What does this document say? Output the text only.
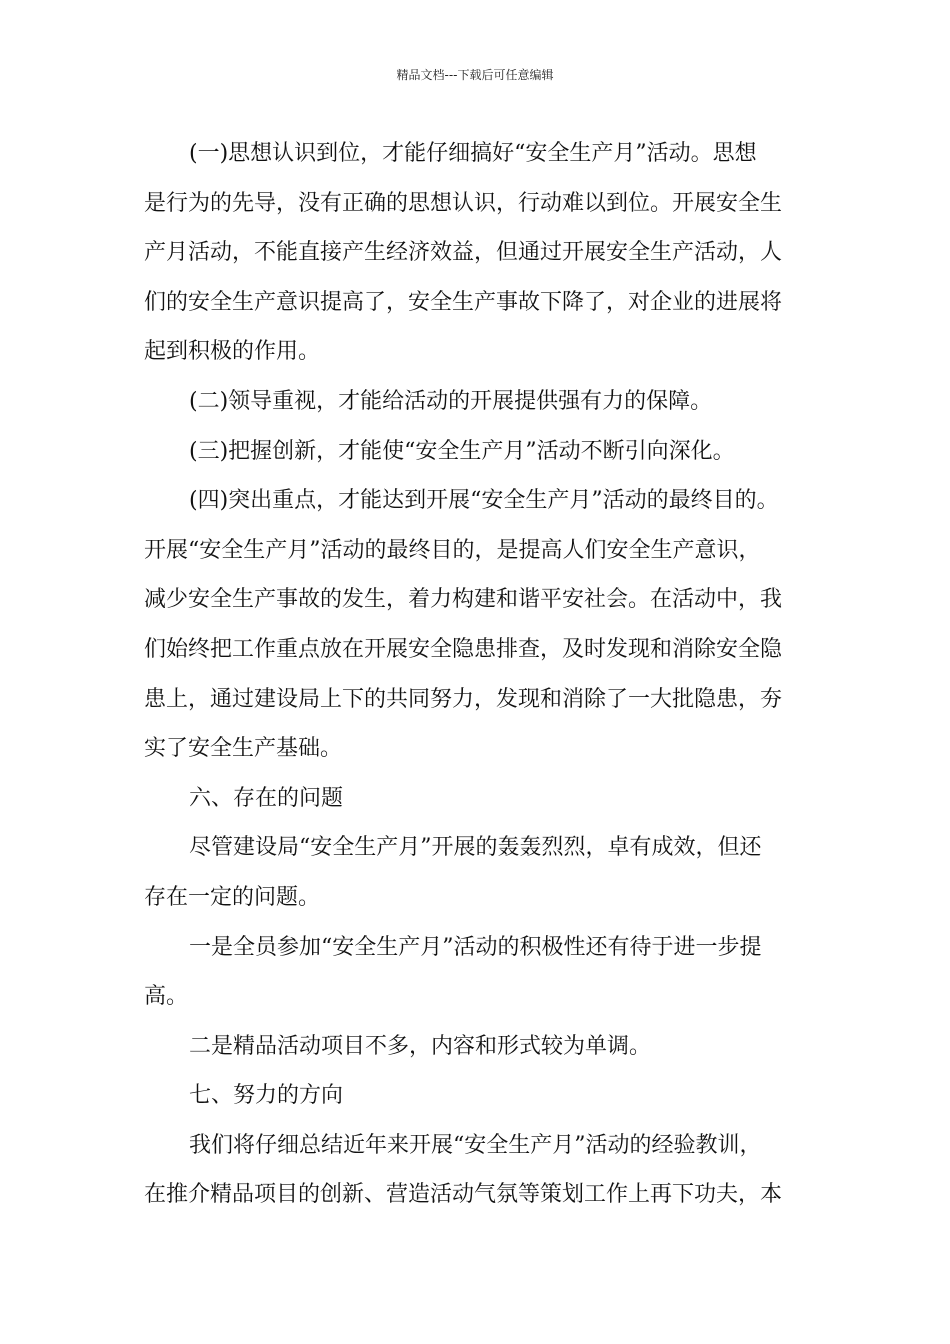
精品文档---下载后可任意编辑
(一)思想认识到位，才能仔细搞好“安全生产月”活动。思想
是行为的先导，没有正确的思想认识，行动难以到位。开展安全生
产月活动，不能直接产生经济效益，但通过开展安全生产活动，人
们的安全生产意识提高了，安全生产事故下降了，对企业的进展将
起到积极的作用。
(二)领导重视，才能给活动的开展提供强有力的保障。
(三)把握创新，才能使“安全生产月”活动不断引向深化。
(四)突出重点，才能达到开展“安全生产月”活动的最终目的。
开展“安全生产月”活动的最终目的，是提高人们安全生产意识，
减少安全生产事故的发生，着力构建和谐平安社会。在活动中，我
们始终把工作重点放在开展安全隐患排查，及时发现和消除安全隐
患上，通过建设局上下的共同努力，发现和消除了一大批隐患，夯
实了安全生产基础。
六、存在的问题
尽管建设局“安全生产月”开展的轰轰烈烈，卓有成效，但还
存在一定的问题。
一是全员参加“安全生产月”活动的积极性还有待于进一步提
高。
二是精品活动项目不多，内容和形式较为单调。
七、努力的方向
我们将仔细总结近年来开展“安全生产月”活动的经验教训，
在推介精品项目的创新、营造活动气氛等策划工作上再下功夫，本
